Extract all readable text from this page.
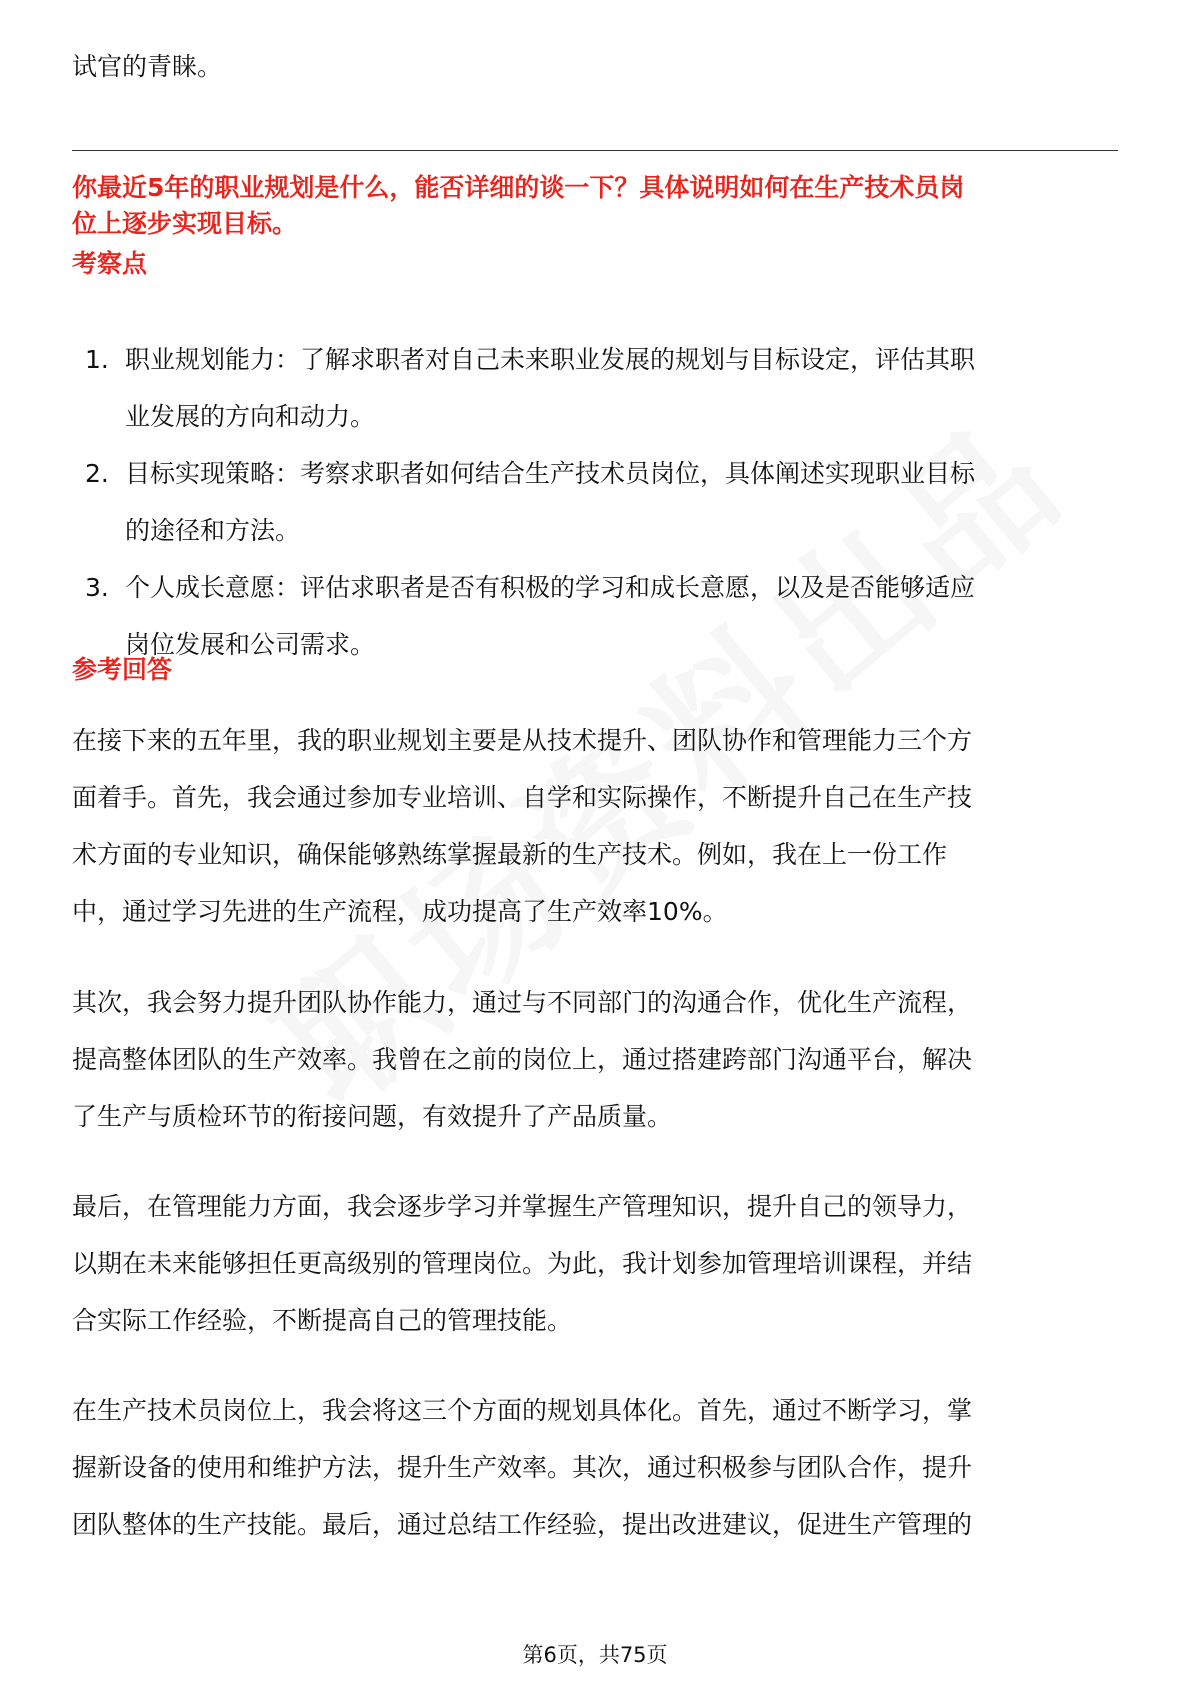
试官的青睐。
你最近5年的职业规划是什么，能否详细的谈一下？具体说明如何在生产技术员岗
位上逐步实现目标。
考察点
1. 职业规划能力：了解求职者对自己未来职业发展的规划与目标设定，评估其职
业发展的方向和动力。
2. 目标实现策略：考察求职者如何结合生产技术员岗位，具体阐述实现职业目标
的途径和方法。
3. 个人成长意愿：评估求职者是否有积极的学习和成长意愿，以及是否能够适应
岗位发展和公司需求。
参考回答
在接下来的五年里，我的职业规划主要是从技术提升、团队协作和管理能力三个方
面着手。首先，我会通过参加专业培训、自学和实际操作，不断提升自己在生产技
术方面的专业知识，确保能够熟练掌握最新的生产技术。例如，我在上一份工作
中，通过学习先进的生产流程，成功提高了生产效率10%。
其次，我会努力提升团队协作能力，通过与不同部门的沟通合作，优化生产流程，
提高整体团队的生产效率。我曾在之前的岗位上，通过搭建跨部门沟通平台，解决
了生产与质检环节的衔接问题，有效提升了产品质量。
最后，在管理能力方面，我会逐步学习并掌握生产管理知识，提升自己的领导力，
以期在未来能够担任更高级别的管理岗位。为此，我计划参加管理培训课程，并结
合实际工作经验，不断提高自己的管理技能。
在生产技术员岗位上，我会将这三个方面的规划具体化。首先，通过不断学习，掌
握新设备的使用和维护方法，提升生产效率。其次，通过积极参与团队合作，提升
团队整体的生产技能。最后，通过总结工作经验，提出改进建议，促进生产管理的
第6页，共75页
